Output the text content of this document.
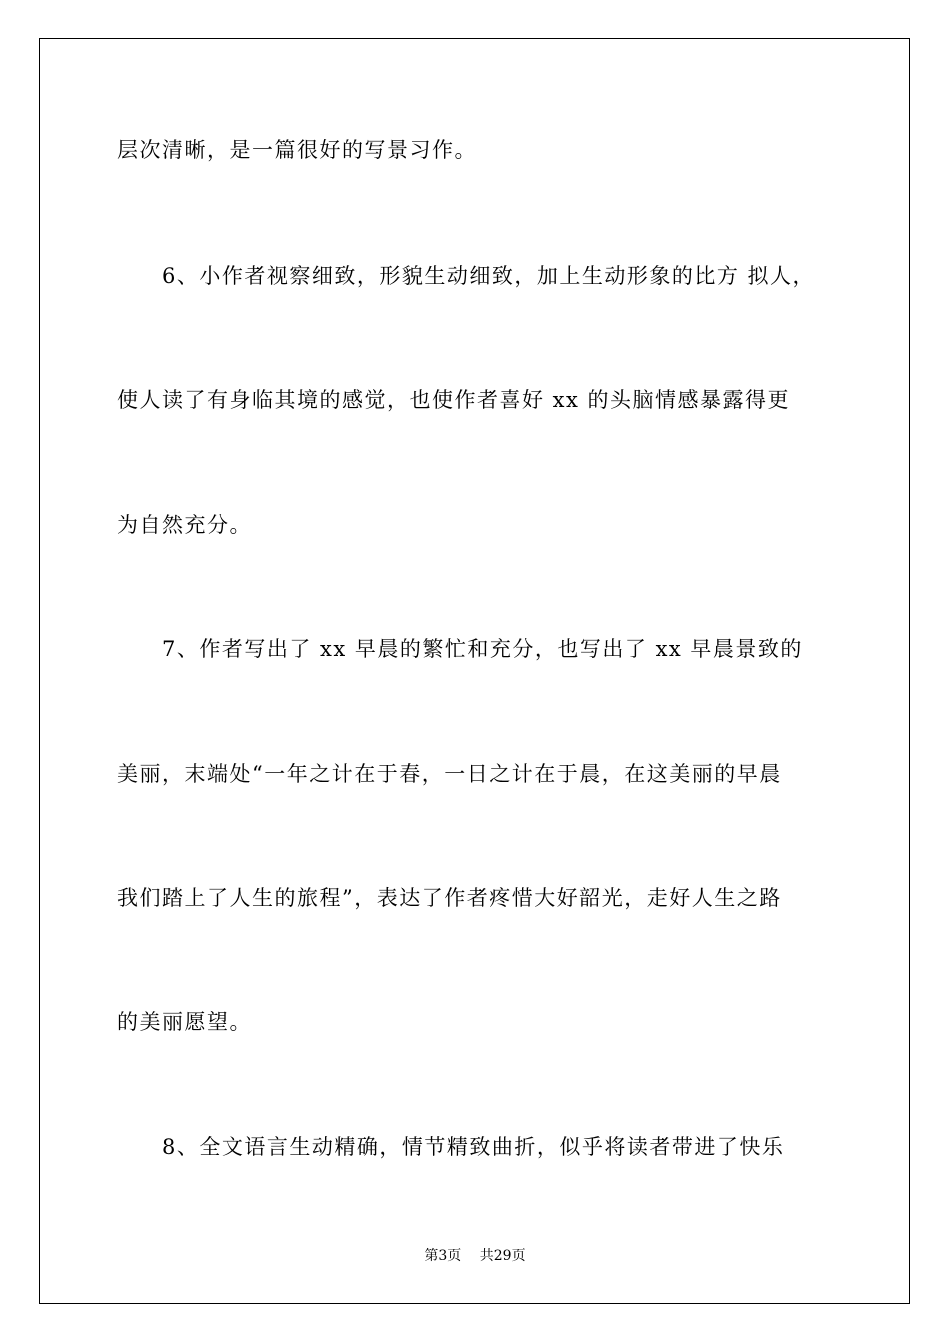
层次清晰，是一篇很好的写景习作。
6、小作者视察细致，形貌生动细致，加上生动形象的比方 拟人，
使人读了有身临其境的感觉，也使作者喜好 xx 的头脑情感暴露得更
为自然充分。
7、作者写出了 xx 早晨的繁忙和充分，也写出了 xx 早晨景致的
美丽，末端处“一年之计在于春，一日之计在于晨，在这美丽的早晨
我们踏上了人生的旅程”，表达了作者疼惜大好韶光，走好人生之路
的美丽愿望。
8、全文语言生动精确，情节精致曲折，似乎将读者带进了快乐
第3页 共29页
